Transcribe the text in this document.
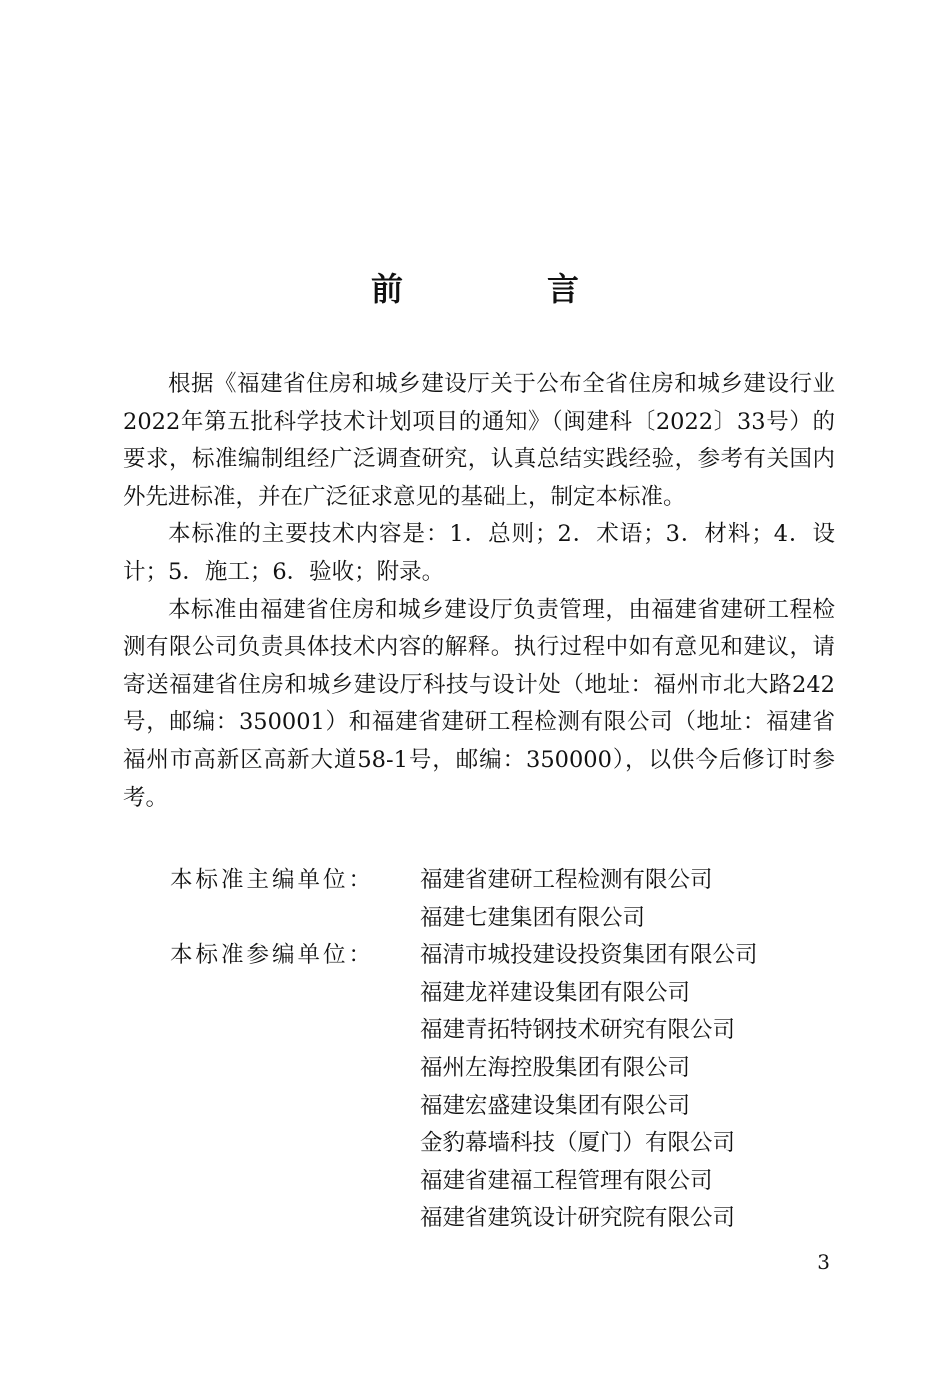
前　言

根据《福建省住房和城乡建设厅关于公布全省住房和城乡建设行业2022年第五批科学技术计划项目的通知》（闽建科〔2022〕33号）的要求，标准编制组经广泛调查研究，认真总结实践经验，参考有关国内外先进标准，并在广泛征求意见的基础上，制定本标准。

本标准的主要技术内容是：1．总则；2．术语；3．材料；4．设计；5．施工；6．验收；附录。

本标准由福建省住房和城乡建设厅负责管理，由福建省建研工程检测有限公司负责具体技术内容的解释。执行过程中如有意见和建议，请寄送福建省住房和城乡建设厅科技与设计处（地址：福州市北大路242号，邮编：350001）和福建省建研工程检测有限公司（地址：福建省福州市高新区高新大道58-1号，邮编：350000），以供今后修订时参考。

本标准主编单位：	福建省建研工程检测有限公司
福建七建集团有限公司
本标准参编单位：	福清市城投建设投资集团有限公司
福建龙祥建设集团有限公司
福建青拓特钢技术研究有限公司
福州左海控股集团有限公司
福建宏盛建设集团有限公司
金豹幕墙科技（厦门）有限公司
福建省建福工程管理有限公司
福建省建筑设计研究院有限公司
3
